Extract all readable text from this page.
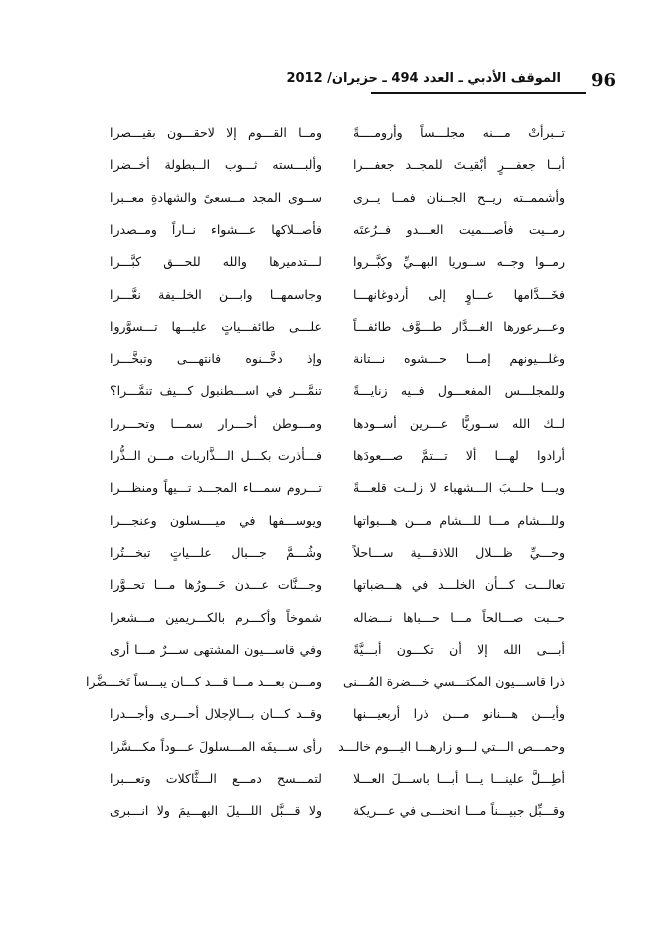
96
الموقف الأدبي ـ العدد 494 ـ حزيران/ 2012
تــبرأتْ مـــنه مجلـــساً وأرومــــةً
ومــا القـــوم إلا لاحقـــون بقيـــصرا
أبــا جعفـــرٍ أبْقيـتَ للمجــد جعفـــرا
وألبـــسته ثـــوب الــبطولة أخــضرا
وأشممــته ريــح الجــنان فمــا يــرى
ســوى المجد مــسعىً والشهادةِ معــبرا
رمــيت فأصـــميت العـــدو فــرُعتَه
فأصــلاكها عـــشواء نــاراً ومــصدرا
رمــوا وجــه ســوريا البهــيِّ وكبَّــروا
لـــتدميرها والله للحـــق كبَّـــرا
فخَـــدَّامها عـــاوٍ إلى أردوغانهـــا
وجاسمهــا وابـــن الخلــيفة نعَّـــرا
وعـــرعورها الغـــدَّار طـــوَّف طائفـــاً
علـــى طائفـــياتٍ عليـــها تـــسوَّروا
وغلـــيونهم إمـــا حـــشوه نـــتانة
وإذ دخَّــنوه فانتهـــى وتبخَّـــرا
وللمجلـــس المفعـــول فــيه زنايـــةً
تنمَّـــر في اســـطنبول كـــيف تنمَّـــرا؟
لــك الله ســوريًّا عـــرين أســودها
ومـــوطن أحـــرار سمـــا وتحـــررا
أرادوا لهـــا ألا تـــتمَّ صـــعودَها
فـــأذرت بكـــل الـــذَّاريات مـــن الــذُّرا
ويـــا حلـــبَ الـــشهباء لا زلــت قلعـــةً
تـــروم سمـــاء المجـــد تـــيهاً ومنظـــرا
وللـــشام مـــا للـــشام مـــن هـــبواتها
ويوســـفها في ميــــسلون وعنجـــرا
وحـــيِّ ظـــلال اللاذقـــية ســـاحلاً
وشُـــمَّ جـــبال علـــياتٍ تبخـــتُرا
تعالـــت كـــأن الخلـــد في هـــضباتها
وجـــنَّات عـــدن حَـــورُها مـــا تحــوَّرا
حــبت صـــالحاً مـــا حـــباها نـــضاله
شموخاً وأكـــرم بالكـــريمين مـــشعرا
أبـــى الله إلا أن تكـــون أبـــيَّةً
وفي قاســـيون المشتهى ســـرٌ مـــا أرى
ذرا قاســـيون المكتـــسي خـــضرة المُـــنى
ومـــن بعـــد مـــا قـــد كـــان يبـــساً تَخـــضَّرا
وأيـــن هـــنانو مـــن ذرا أربعيـــنها
وقــد كـــان بـــالإجلال أحـــرى وأجـــدرا
وحمـــص الـــتي لـــو زارهـــا اليـــوم خالـــد
رأى ســـيفَه المـــسلولَ عـــوداً مكـــسَّرا
أطِـــلَّ علينـــا يـــا أبـــا باســـلَ العـــلا
لتمـــسح دمـــع الـــثَّاكلات وتعـــبرا
وقـــبِّل جبيـــناً مـــا انحنـــى في عـــريكة
ولا قـــبَّل اللـــيلَ البهـــيمَ ولا انـــبرى
